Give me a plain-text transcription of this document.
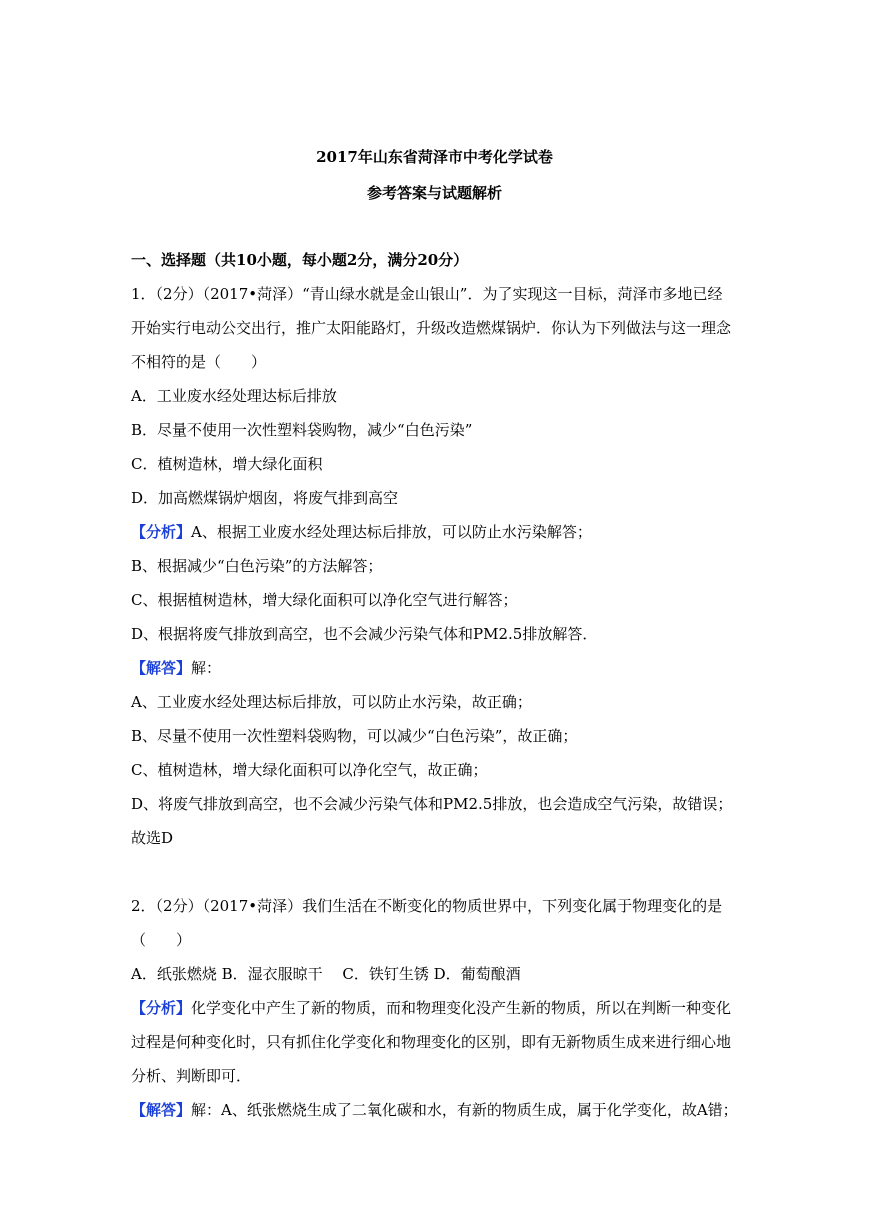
2017年山东省菏泽市中考化学试卷
参考答案与试题解析
一、选择题（共10小题，每小题2分，满分20分）
1．（2分）（2017•菏泽）“青山绿水就是金山银山”．为了实现这一目标，菏泽市多地已经
开始实行电动公交出行，推广太阳能路灯，升级改造燃煤锅炉．你认为下列做法与这一理念
不相符的是（　　）
A．工业废水经处理达标后排放
B．尽量不使用一次性塑料袋购物，减少“白色污染”
C．植树造林，增大绿化面积
D．加高燃煤锅炉烟囱，将废气排到高空
【分析】A、根据工业废水经处理达标后排放，可以防止水污染解答；
B、根据减少“白色污染”的方法解答；
C、根据植树造林，增大绿化面积可以净化空气进行解答；
D、根据将废气排放到高空，也不会减少污染气体和PM2.5排放解答．
【解答】解：
A、工业废水经处理达标后排放，可以防止水污染，故正确；
B、尽量不使用一次性塑料袋购物，可以减少“白色污染”，故正确；
C、植树造林，增大绿化面积可以净化空气，故正确；
D、将废气排放到高空，也不会减少污染气体和PM2.5排放，也会造成空气污染，故错误；
故选D
2．（2分）（2017•菏泽）我们生活在不断变化的物质世界中，下列变化属于物理变化的是
（　　）
A．纸张燃烧 B．湿衣服晾干　 C．铁钉生锈 D．葡萄酿酒
【分析】化学变化中产生了新的物质，而和物理变化没产生新的物质，所以在判断一种变化
过程是何种变化时，只有抓住化学变化和物理变化的区别，即有无新物质生成来进行细心地
分析、判断即可．
【解答】解：A、纸张燃烧生成了二氧化碳和水，有新的物质生成，属于化学变化，故A错；
